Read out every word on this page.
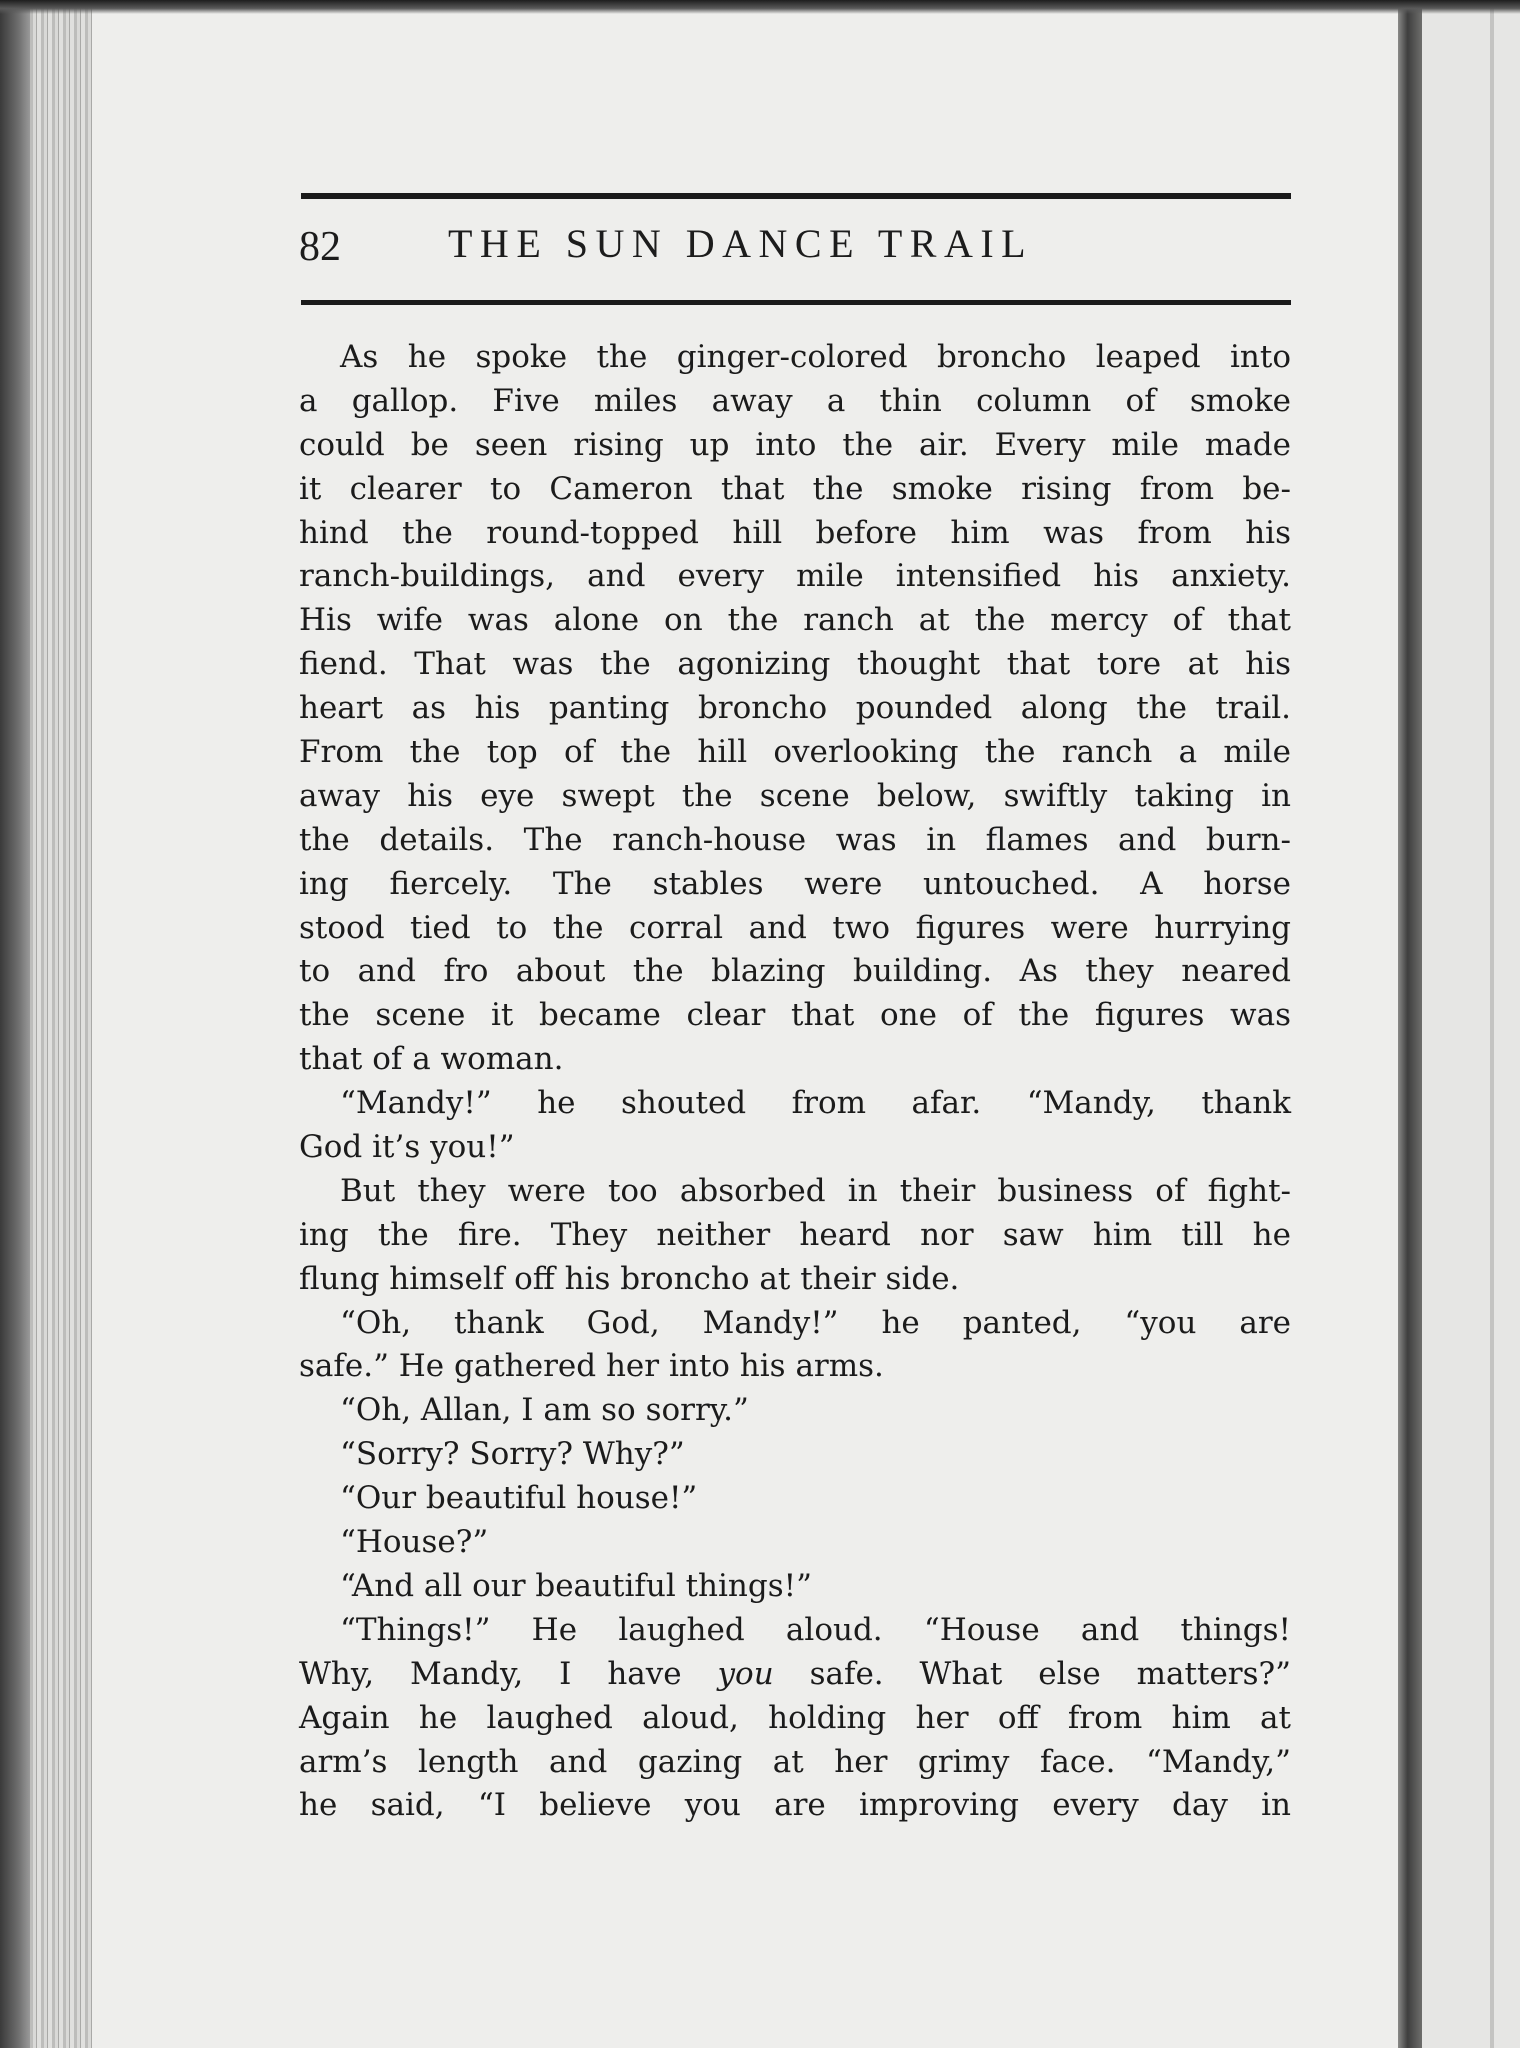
82	THE SUN DANCE TRAIL
As he spoke the ginger-colored broncho leaped into
a gallop. Five miles away a thin column of smoke
could be seen rising up into the air. Every mile made
it clearer to Cameron that the smoke rising from be-
hind the round-topped hill before him was from his
ranch-buildings, and every mile intensified his anxiety.
His wife was alone on the ranch at the mercy of that
fiend. That was the agonizing thought that tore at his
heart as his panting broncho pounded along the trail.
From the top of the hill overlooking the ranch a mile
away his eye swept the scene below, swiftly taking in
the details. The ranch-house was in flames and burn-
ing fiercely. The stables were untouched. A horse
stood tied to the corral and two figures were hurrying
to and fro about the blazing building. As they neared
the scene it became clear that one of the figures was
that of a woman.
“Mandy!” he shouted from afar. “Mandy, thank
God it’s you!”
But they were too absorbed in their business of fight-
ing the fire. They neither heard nor saw him till he
flung himself off his broncho at their side.
“Oh, thank God, Mandy!” he panted, “you are
safe.” He gathered her into his arms.
“Oh, Allan, I am so sorry.”
“Sorry? Sorry? Why?”
“Our beautiful house!”
“House?”
“And all our beautiful things!”
“Things!” He laughed aloud. “House and things!
Why, Mandy, I have you safe. What else matters?”
Again he laughed aloud, holding her off from him at
arm’s length and gazing at her grimy face. “Mandy,”
he said, “I believe you are improving every day in
